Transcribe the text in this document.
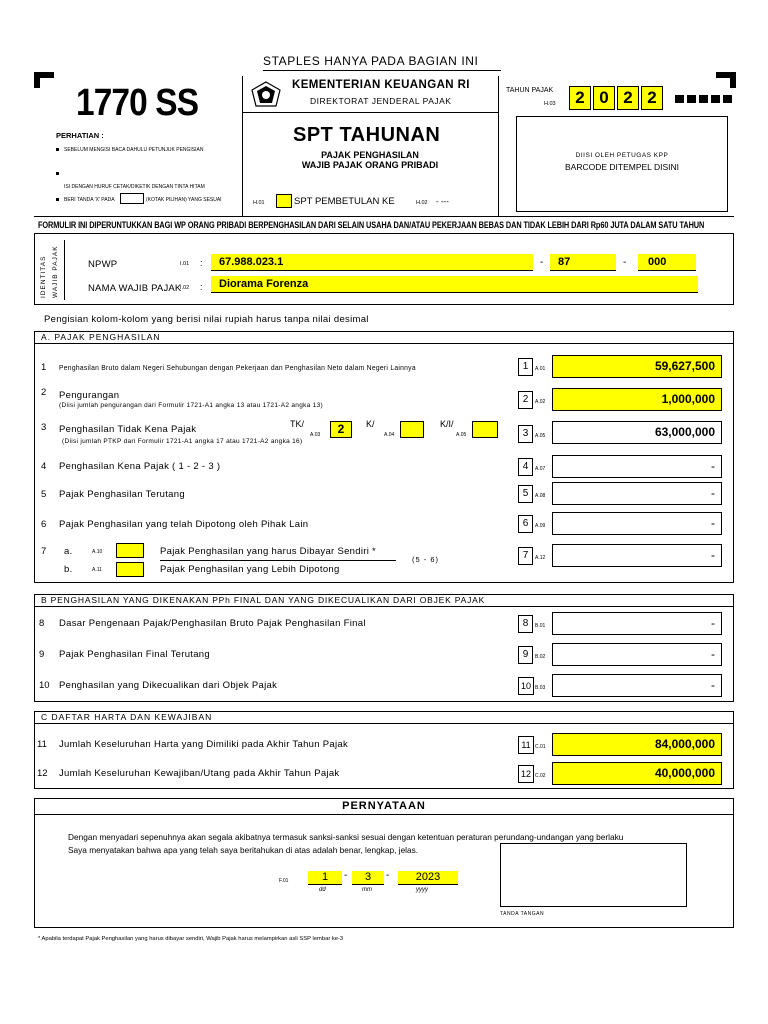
STAPLES HANYA PADA BAGIAN INI
1770 SS	KEMENTERIAN KEUANGAN RI
DIREKTORAT JENDERAL PAJAK
SPT TAHUNAN
PAJAK PENGHASILAN
WAJIB PAJAK ORANG PRIBADI
H.01	SPT PEMBETULAN KE	H.02 - ---
PERHATIAN :
SEBELUM MENGISI BACA DAHULU PETUNJUK PENGISIAN
ISI DENGAN HURUF CETAK/DIKETIK DENGAN TINTA HITAM
BERI TANDA 'X' PADA	(KOTAK PILIHAN) YANG SESUAI
TAHUN PAJAK
H.03	2 0 2 2
DIISI OLEH PETUGAS KPP
BARCODE DITEMPEL DISINI
FORMULIR INI DIPERUNTUKKAN BAGI WP ORANG PRIBADI BERPENGHASILAN DARI SELAIN USAHA DAN/ATAU PEKERJAAN BEBAS DAN TIDAK LEBIH DARI Rp60 JUTA DALAM SATU TAHUN
IDENTITAS WAJIB PAJAK	NPWP	I.01 :	67.988.023.1	-	87	-	000
NAMA WAJIB PAJAK
I.02 :	Diorama Forenza
Pengisian kolom-kolom yang berisi nilai rupiah harus tanpa nilai desimal
A. PAJAK PENGHASILAN
1 Penghasilan Bruto dalam Negeri Sehubungan dengan Pekerjaan dan Penghasilan Neto dalam Negeri Lainnya	1	A.01	59,627,500
2 Pengurangan
(Diisi jumlah pengurangan dari Formulir 1721-A1 angka 13 atau 1721-A2 angka 13)
2	A.02	1,000,000
3 Penghasilan Tidak Kena Pajak
(Diisi jumlah PTKP dari Formulir 1721-A1 angka 17 atau 1721-A2 angka 16)
TK/
A.03	2	K/
A.04
K/I/
A.05	3	A.05	63,000,000
4 Penghasilan Kena Pajak ( 1 - 2 - 3 )	4	A.07	-
5 Pajak Penghasilan Terutang	5	A.08	-
6 Pajak Penghasilan yang telah Dipotong oleh Pihak Lain	6	A.09	-
7 a.	A.10	Pajak Penghasilan yang harus Dibayar Sendiri *
b.	A.11	Pajak Penghasilan yang Lebih Dipotong
(5 - 6)	7	A.12	-
B PENGHASILAN YANG DIKENAKAN PPh FINAL DAN YANG DIKECUALIKAN DARI OBJEK PAJAK
8 Dasar Pengenaan Pajak/Penghasilan Bruto Pajak Penghasilan Final	8	B.01	-
9 Pajak Penghasilan Final Terutang	9	B.02	-
10 Penghasilan yang Dikecualikan dari Objek Pajak	10 B.03	-
C DAFTAR HARTA DAN KEWAJIBAN
11 Jumlah Keseluruhan Harta yang Dimiliki pada Akhir Tahun Pajak	11 C.01	84,000,000
12 Jumlah Keseluruhan Kewajiban/Utang pada Akhir Tahun Pajak	12 C.02	40,000,000
PERNYATAAN
Dengan menyadari sepenuhnya akan segala akibatnya termasuk sanksi-sanksi sesuai dengan ketentuan peraturan perundang-undangan yang berlaku
Saya menyatakan bahwa apa yang telah saya beritahukan di atas adalah benar, lengkap, jelas.
F.01	1	-	3	-	2023
dd	mm	yyyy
TANDA TANGAN
* Apabila terdapat Pajak Penghasilan yang harus dibayar sendiri, Wajib Pajak harus melampirkan asli SSP lembar ke-3
